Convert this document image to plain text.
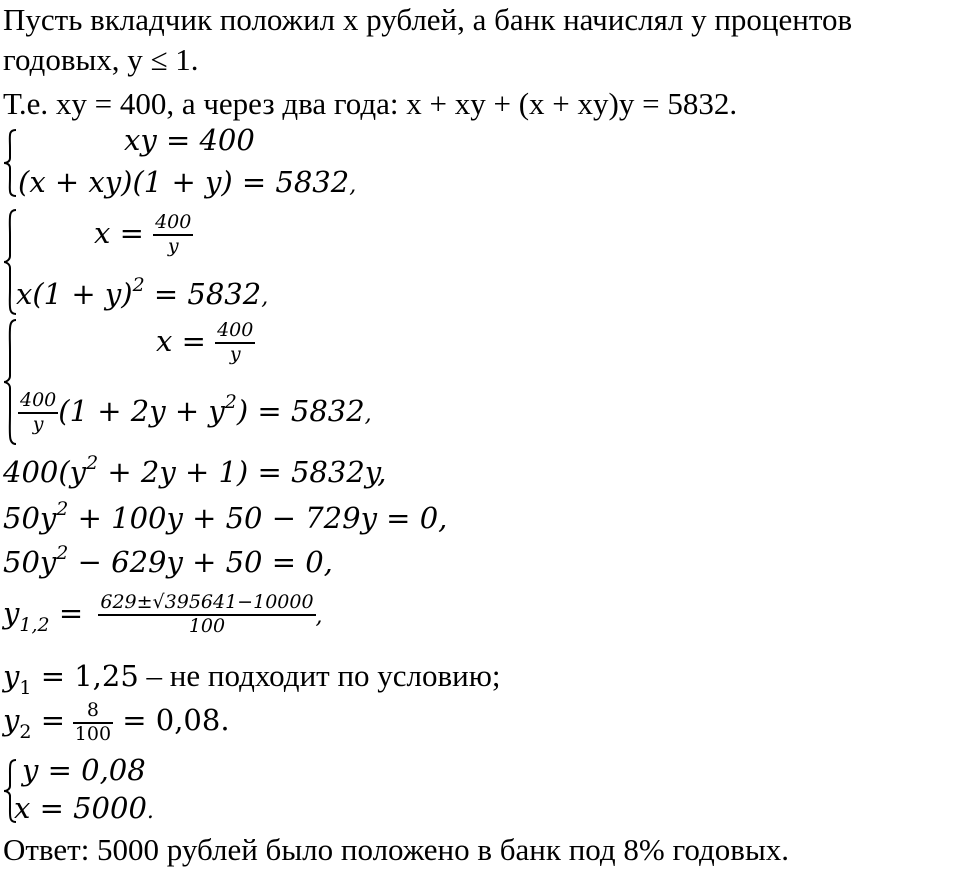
Пусть вкладчик положил x рублей, а банк начислял y процентов
годовых, y ≤ 1.
Т.е. xy = 400, а через два года: x + xy + (x + xy)y = 5832.
xy = 400
(x + xy)(1 + y) = 5832,
$x = \frac{400}{y}$
$x(1 + y)^2 = 5832$,
$x = \frac{400}{y}$
$\frac{400}{y} (1 + 2y + y^2) = 5832$,
$400(y^2 + 2y + 1) = 5832y$,
$50y^2 + 100y + 50 - 729y = 0$,
$50y^2 - 629y + 50 = 0$,
$y_{1,2} = \frac{629\pm√395641-10000}{100}$ ,
$y_1 = 1,25$ – не подходит по условию;
$y_2 = \frac{8}{100} = 0,08$.
y = 0,08
x = 5000.
Ответ: 5000 рублей было положено в банк под 8% годовых.
